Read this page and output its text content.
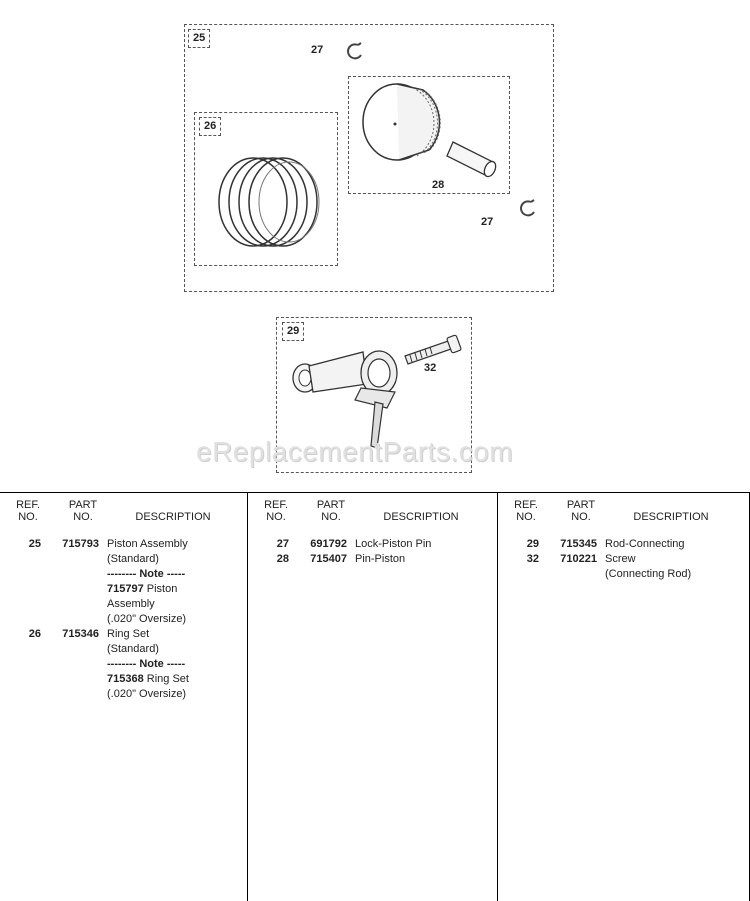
25
26
27
27
28
29
32
eReplacementParts.com
REF.
NO.
PART
NO.	DESCRIPTION
25	715793 Piston Assembly
(Standard)
-------- Note -----
715797 Piston
Assembly
(.020" Oversize)
26	715346 Ring Set
(Standard)
-------- Note -----
715368 Ring Set
(.020" Oversize)
REF.
NO.
PART
NO.	DESCRIPTION
27	691792 Lock-Piston Pin
28	715407 Pin-Piston
REF.
NO.
PART
NO.	DESCRIPTION
29	715345 Rod-Connecting
32	710221 Screw
(Connecting Rod)
